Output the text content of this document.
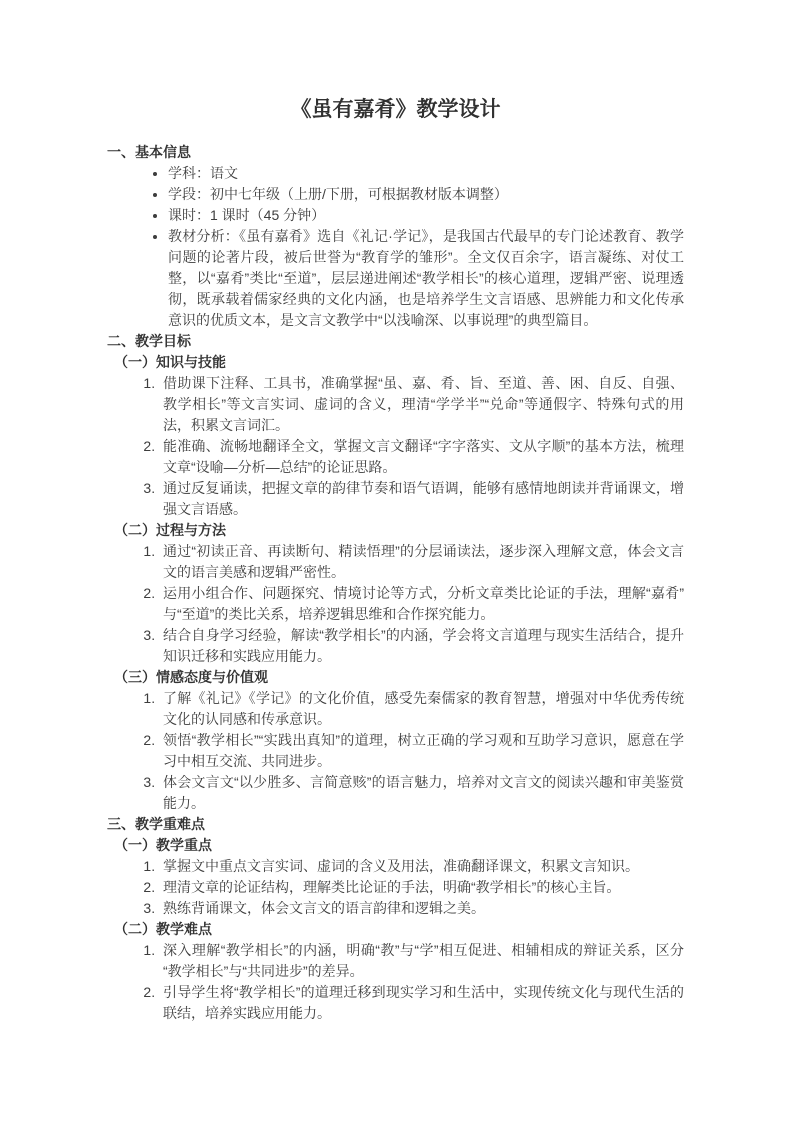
《虽有嘉肴》教学设计
一、基本信息
• 学科：语文
• 学段：初中七年级（上册/下册，可根据教材版本调整）
• 课时：1 课时（45 分钟）
• 教材分析：《虽有嘉肴》选自《礼记·学记》，是我国古代最早的专门论述教育、教学问题的论著片段，被后世誉为“教育学的雏形”。全文仅百余字，语言凝练、对仗工整，以“嘉肴”类比“至道”，层层递进阐述“教学相长”的核心道理，逻辑严密、说理透彻，既承载着儒家经典的文化内涵，也是培养学生文言语感、思辨能力和文化传承意识的优质文本，是文言文教学中“以浅喻深、以事说理”的典型篇目。
二、教学目标
（一）知识与技能
1. 借助课下注释、工具书，准确掌握“虽、嘉、肴、旨、至道、善、困、自反、自强、教学相长”等文言实词、虚词的含义，理清“学学半”“兑命”等通假字、特殊句式的用法，积累文言词汇。
2. 能准确、流畅地翻译全文，掌握文言文翻译“字字落实、文从字顺”的基本方法，梳理文章“设喻—分析—总结”的论证思路。
3. 通过反复诵读，把握文章的韵律节奏和语气语调，能够有感情地朗读并背诵课文，增强文言语感。
（二）过程与方法
1. 通过“初读正音、再读断句、精读悟理”的分层诵读法，逐步深入理解文意，体会文言文的语言美感和逻辑严密性。
2. 运用小组合作、问题探究、情境讨论等方式，分析文章类比论证的手法，理解“嘉肴”与“至道”的类比关系，培养逻辑思维和合作探究能力。
3. 结合自身学习经验，解读“教学相长”的内涵，学会将文言道理与现实生活结合，提升知识迁移和实践应用能力。
（三）情感态度与价值观
1. 了解《礼记》《学记》的文化价值，感受先秦儒家的教育智慧，增强对中华优秀传统文化的认同感和传承意识。
2. 领悟“教学相长”“实践出真知”的道理，树立正确的学习观和互助学习意识，愿意在学习中相互交流、共同进步。
3. 体会文言文“以少胜多、言简意赅”的语言魅力，培养对文言文的阅读兴趣和审美鉴赏能力。
三、教学重难点
（一）教学重点
1. 掌握文中重点文言实词、虚词的含义及用法，准确翻译课文，积累文言知识。
2. 理清文章的论证结构，理解类比论证的手法，明确“教学相长”的核心主旨。
3. 熟练背诵课文，体会文言文的语言韵律和逻辑之美。
（二）教学难点
1. 深入理解“教学相长”的内涵，明确“教”与“学”相互促进、相辅相成的辩证关系，区分“教学相长”与“共同进步”的差异。
2. 引导学生将“教学相长”的道理迁移到现实学习和生活中，实现传统文化与现代生活的联结，培养实践应用能力。
